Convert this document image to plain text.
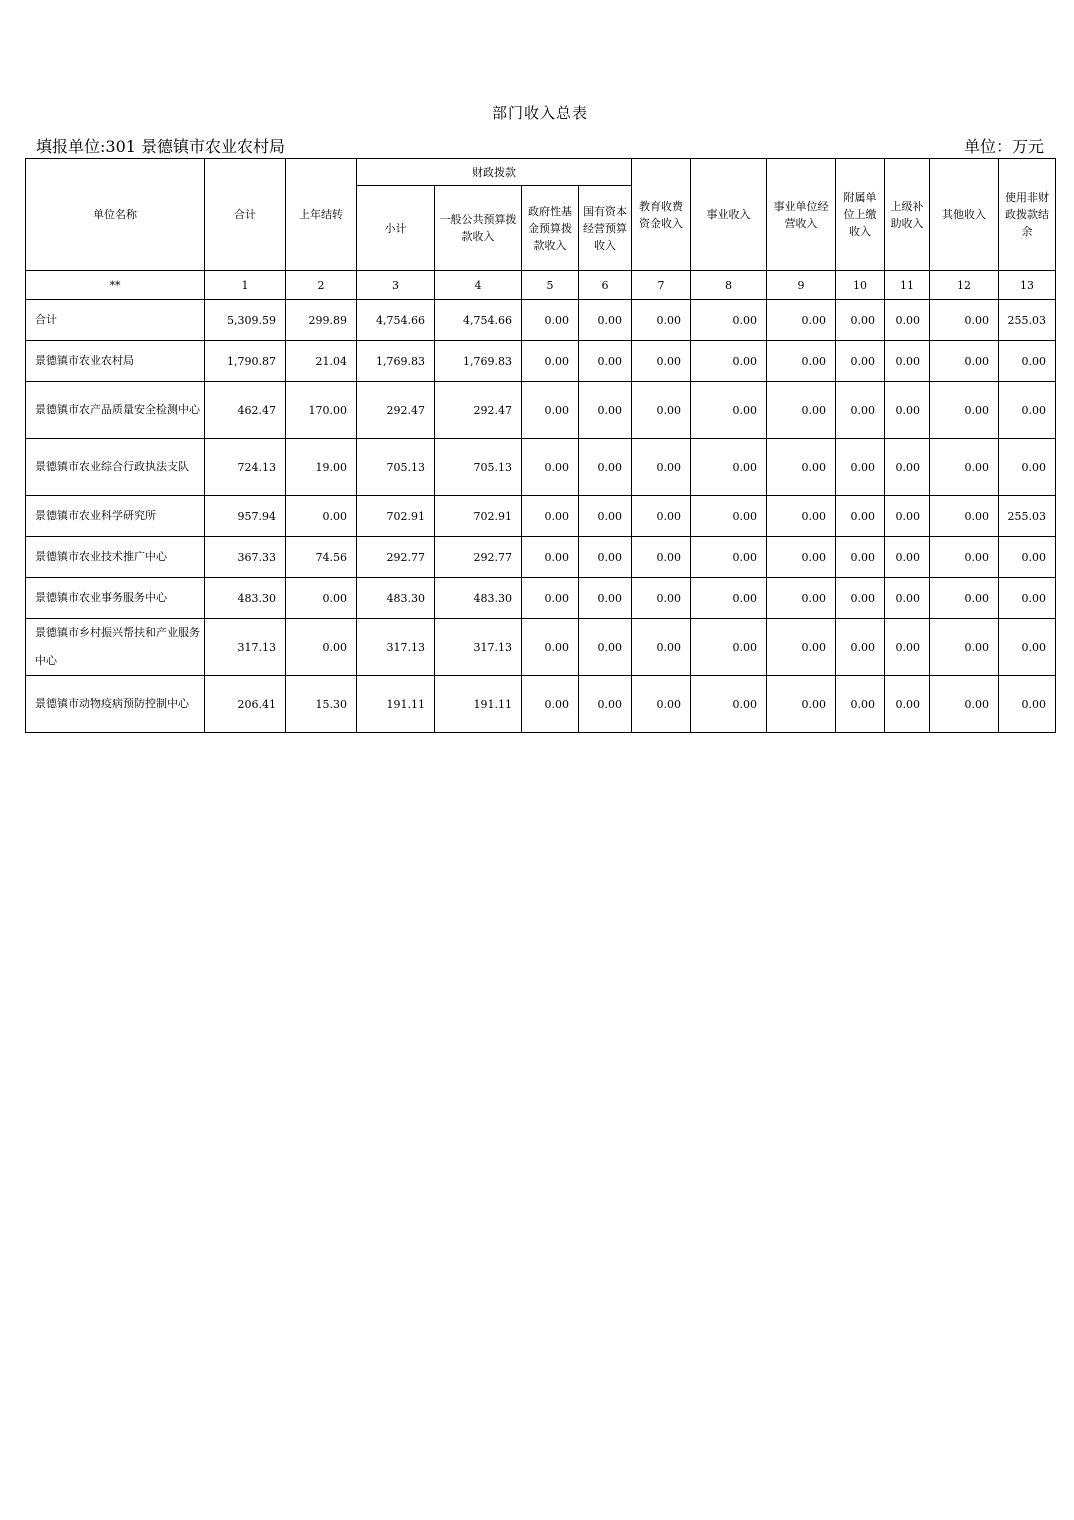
部门收入总表
填报单位:301 景德镇市农业农村局	单位：万元
单位名称	合计	上年结转	财政拨款				教育收费资金收入	事业收入	事业单位经营收入	附属单位上缴收入	上级补助收入	其他收入	使用非财政拨款结余
			小计	一般公共预算拨款收入	政府性基金预算拨款收入	国有资本经营预算收入							
**	1	2	3	4	5	6	7	8	9	10	11	12	13
合计	5,309.59	299.89	4,754.66	4,754.66	0.00	0.00	0.00	0.00	0.00	0.00	0.00	0.00	255.03
景德镇市农业农村局	1,790.87	21.04	1,769.83	1,769.83	0.00	0.00	0.00	0.00	0.00	0.00	0.00	0.00	0.00
景德镇市农产品质量安全检测中心	462.47	170.00	292.47	292.47	0.00	0.00	0.00	0.00	0.00	0.00	0.00	0.00	0.00
景德镇市农业综合行政执法支队	724.13	19.00	705.13	705.13	0.00	0.00	0.00	0.00	0.00	0.00	0.00	0.00	0.00
景德镇市农业科学研究所	957.94	0.00	702.91	702.91	0.00	0.00	0.00	0.00	0.00	0.00	0.00	0.00	255.03
景德镇市农业技术推广中心	367.33	74.56	292.77	292.77	0.00	0.00	0.00	0.00	0.00	0.00	0.00	0.00	0.00
景德镇市农业事务服务中心	483.30	0.00	483.30	483.30	0.00	0.00	0.00	0.00	0.00	0.00	0.00	0.00	0.00
景德镇市乡村振兴帮扶和产业服务中心	317.13	0.00	317.13	317.13	0.00	0.00	0.00	0.00	0.00	0.00	0.00	0.00	0.00
景德镇市动物疫病预防控制中心	206.41	15.30	191.11	191.11	0.00	0.00	0.00	0.00	0.00	0.00	0.00	0.00	0.00
